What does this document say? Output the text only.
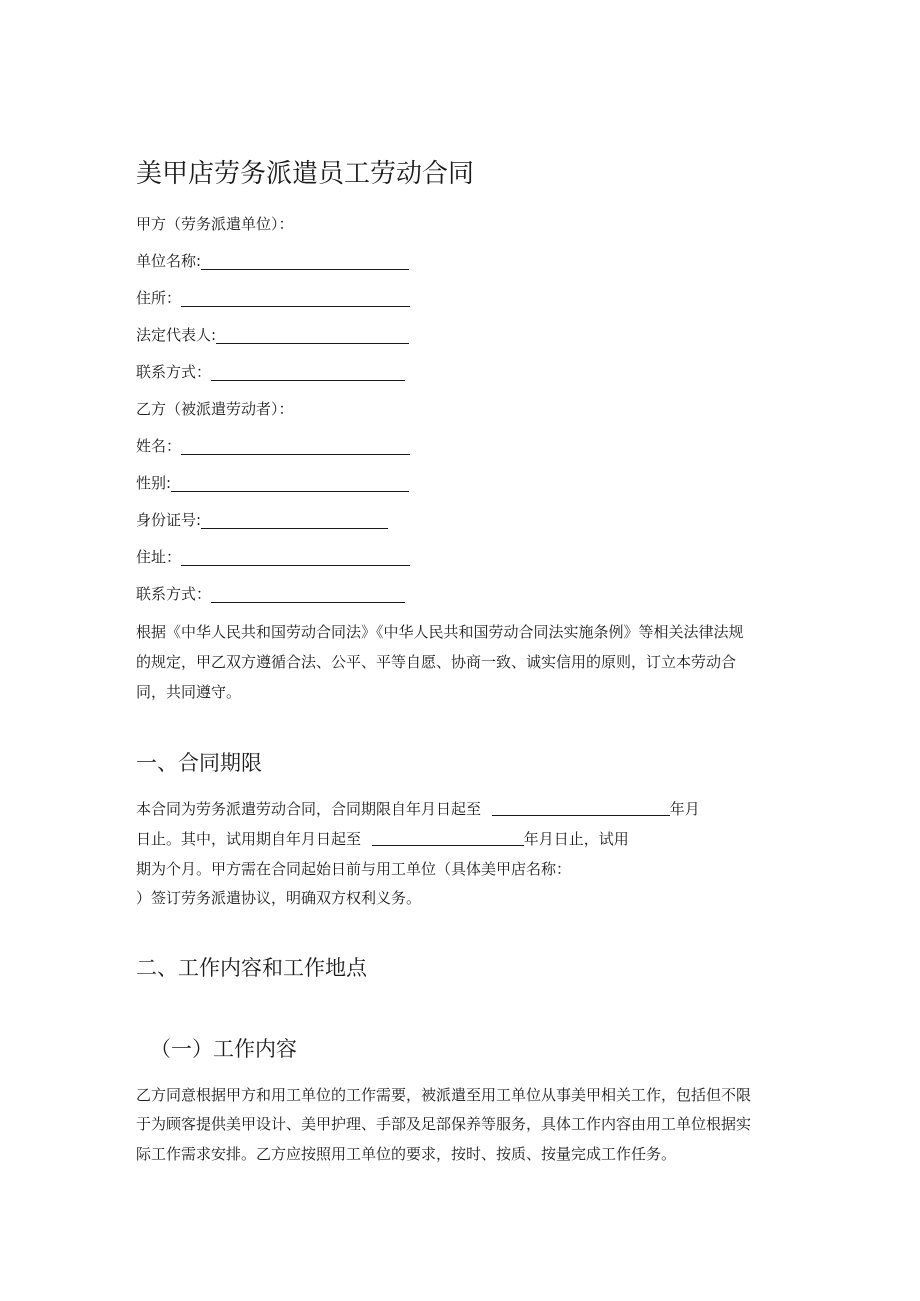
美甲店劳务派遣员工劳动合同
甲方（劳务派遣单位）：
单位名称:
住所：
法定代表人:
联系方式：
乙方（被派遣劳动者）：
姓名：
性别:
身份证号:
住址：
联系方式：
根据《中华人民共和国劳动合同法》《中华人民共和国劳动合同法实施条例》等相关法律法规
的规定，甲乙双方遵循合法、公平、平等自愿、协商一致、诚实信用的原则，订立本劳动合
同，共同遵守。
一、合同期限
本合同为劳务派遣劳动合同，合同期限自年月日起至	年月
日止。其中，试用期自年月日起至	年月日止，试用
期为个月。甲方需在合同起始日前与用工单位（具体美甲店名称：
）签订劳务派遣协议，明确双方权利义务。
二、工作内容和工作地点
（一）工作内容
乙方同意根据甲方和用工单位的工作需要，被派遣至用工单位从事美甲相关工作，包括但不限
于为顾客提供美甲设计、美甲护理、手部及足部保养等服务，具体工作内容由用工单位根据实
际工作需求安排。乙方应按照用工单位的要求，按时、按质、按量完成工作任务。
